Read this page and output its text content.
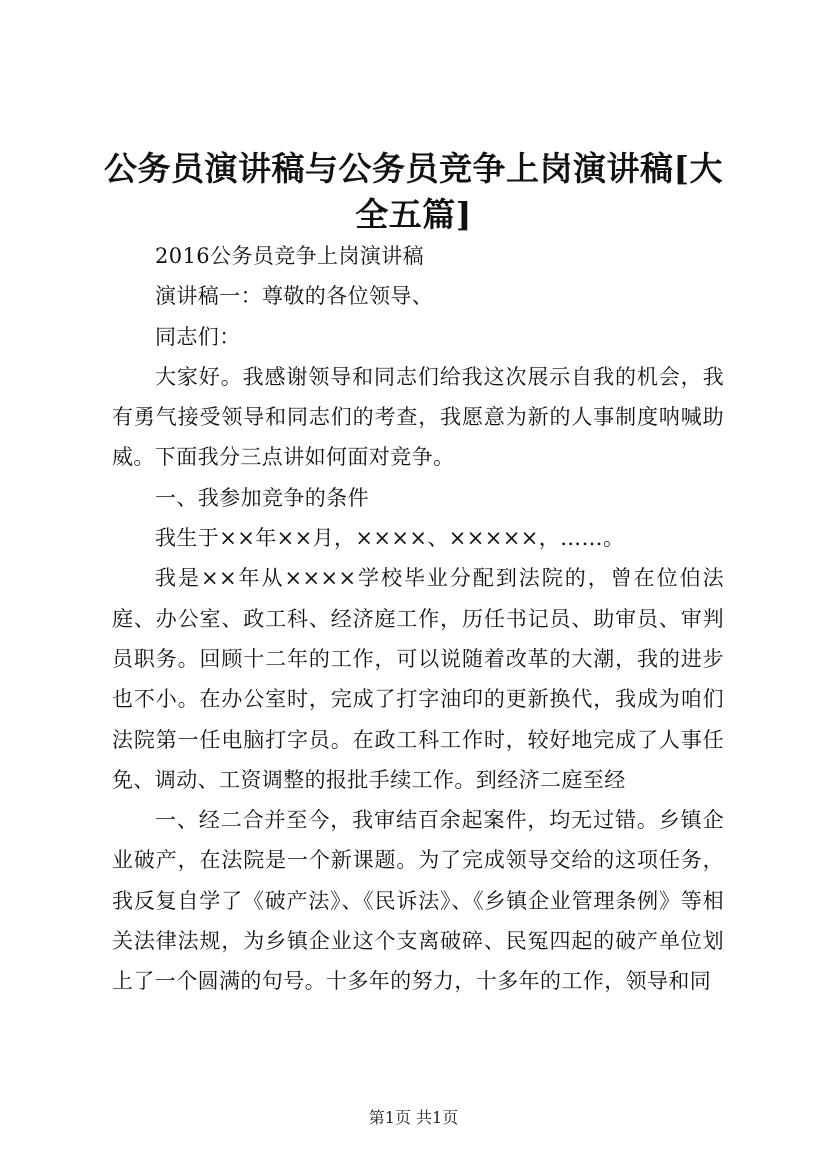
公务员演讲稿与公务员竞争上岗演讲稿[大全五篇]

2016公务员竞争上岗演讲稿

演讲稿一：尊敬的各位领导、

同志们：

大家好。我感谢领导和同志们给我这次展示自我的机会，我有勇气接受领导和同志们的考查，我愿意为新的人事制度呐喊助威。下面我分三点讲如何面对竞争。

一、我参加竞争的条件

我生于××年××月，××××、×××××，……。

我是××年从××××学校毕业分配到法院的，曾在位伯法庭、办公室、政工科、经济庭工作，历任书记员、助审员、审判员职务。回顾十二年的工作，可以说随着改革的大潮，我的进步也不小。在办公室时，完成了打字油印的更新换代，我成为咱们法院第一任电脑打字员。在政工科工作时，较好地完成了人事任免、调动、工资调整的报批手续工作。到经济二庭至经

一、经二合并至今，我审结百余起案件，均无过错。乡镇企业破产，在法院是一个新课题。为了完成领导交给的这项任务，我反复自学了《破产法》、《民诉法》、《乡镇企业管理条例》等相关法律法规，为乡镇企业这个支离破碎、民冤四起的破产单位划上了一个圆满的句号。十多年的努力，十多年的工作，领导和同

第1页 共1页
